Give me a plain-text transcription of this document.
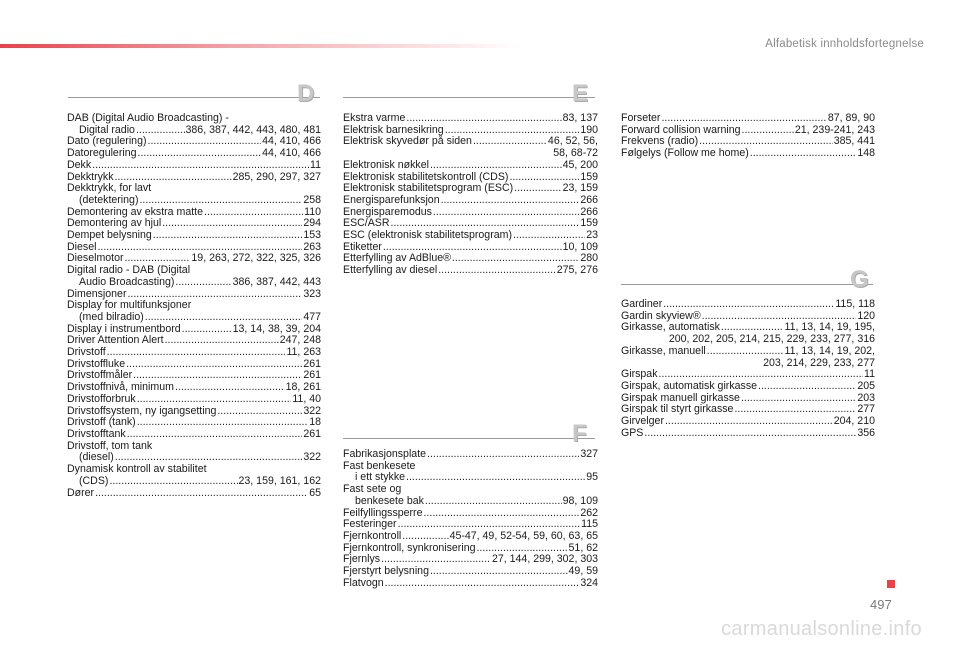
Alfabetisk innholdsfortegnelse
D
DAB (Digital Audio Broadcasting) -
Digital radio .....	386, 387, 442, 443, 480, 481
Dato (regulering) .....	44, 410, 466
Datoregulering .....	44, 410, 466
Dekk .....	11
Dekktrykk .....	285, 290, 297, 327
Dekktrykk, for lavt
(detektering) .....	258
Demontering av ekstra matte .....	110
Demontering av hjul .....	294
Dempet belysning .....	153
Diesel .....	263
Dieselmotor .....	19, 263, 272, 322, 325, 326
Digital radio - DAB (Digital
Audio Broadcasting) .....	386, 387, 442, 443
Dimensjoner .....	323
Display for multifunksjoner
(med bilradio) .....	477
Display i instrumentbord .....	13, 14, 38, 39, 204
Driver Attention Alert .....	247, 248
Drivstoff .....	11, 263
Drivstoffluke .....	261
Drivstoffmåler .....	261
Drivstoffnivå, minimum .....	18, 261
Drivstofforbruk .....	11, 40
Drivstoffsystem, ny igangsetting .....	322
Drivstoff (tank) .....	18
Drivstofftank .....	261
Drivstoff, tom tank
(diesel) .....	322
Dynamisk kontroll av stabilitet
(CDS) .....	23, 159, 161, 162
Dører .....	65
E
Ekstra varme .....	83, 137
Elektrisk barnesikring .....	190
Elektrisk skyvedør på siden .....	46, 52, 56,
58, 68-72
Elektronisk nøkkel .....	45, 200
Elektronisk stabilitetskontroll (CDS) .....	159
Elektronisk stabilitetsprogram (ESC) .....	23, 159
Energisparefunksjon .....	266
Energisparemodus .....	266
ESC/ASR .....	159
ESC (elektronisk stabilitetsprogram) .....	23
Etiketter .....	10, 109
Etterfylling av AdBlue® .....	280
Etterfylling av diesel .....	275, 276
F
Fabrikasjonsplate .....	327
Fast benkesete
i ett stykke .....	95
Fast sete og
benkesete bak .....	98, 109
Feilfyllingssperre .....	262
Festeringer .....	115
Fjernkontroll .....	45-47, 49, 52-54, 59, 60, 63, 65
Fjernkontroll, synkronisering .....	51, 62
Fjernlys .....	27, 144, 299, 302, 303
Fjerstyrt belysning .....	49, 59
Flatvogn .....	324
Forseter .....	87, 89, 90
Forward collision warning .....	21, 239-241, 243
Frekvens (radio) .....	385, 441
Følgelys (Follow me home) .....	148
G
Gardiner .....	115, 118
Gardin skyview® .....	120
Girkasse, automatisk .....	11, 13, 14, 19, 195,
200, 202, 205, 214, 215, 229, 233, 277, 316
Girkasse, manuell .....	11, 13, 14, 19, 202,
203, 214, 229, 233, 277
Girspak .....	11
Girspak, automatisk girkasse .....	205
Girspak manuell girkasse .....	203
Girspak til styrt girkasse .....	277
Girvelger .....	204, 210
GPS .....	356
497
carmanualsonline.info
